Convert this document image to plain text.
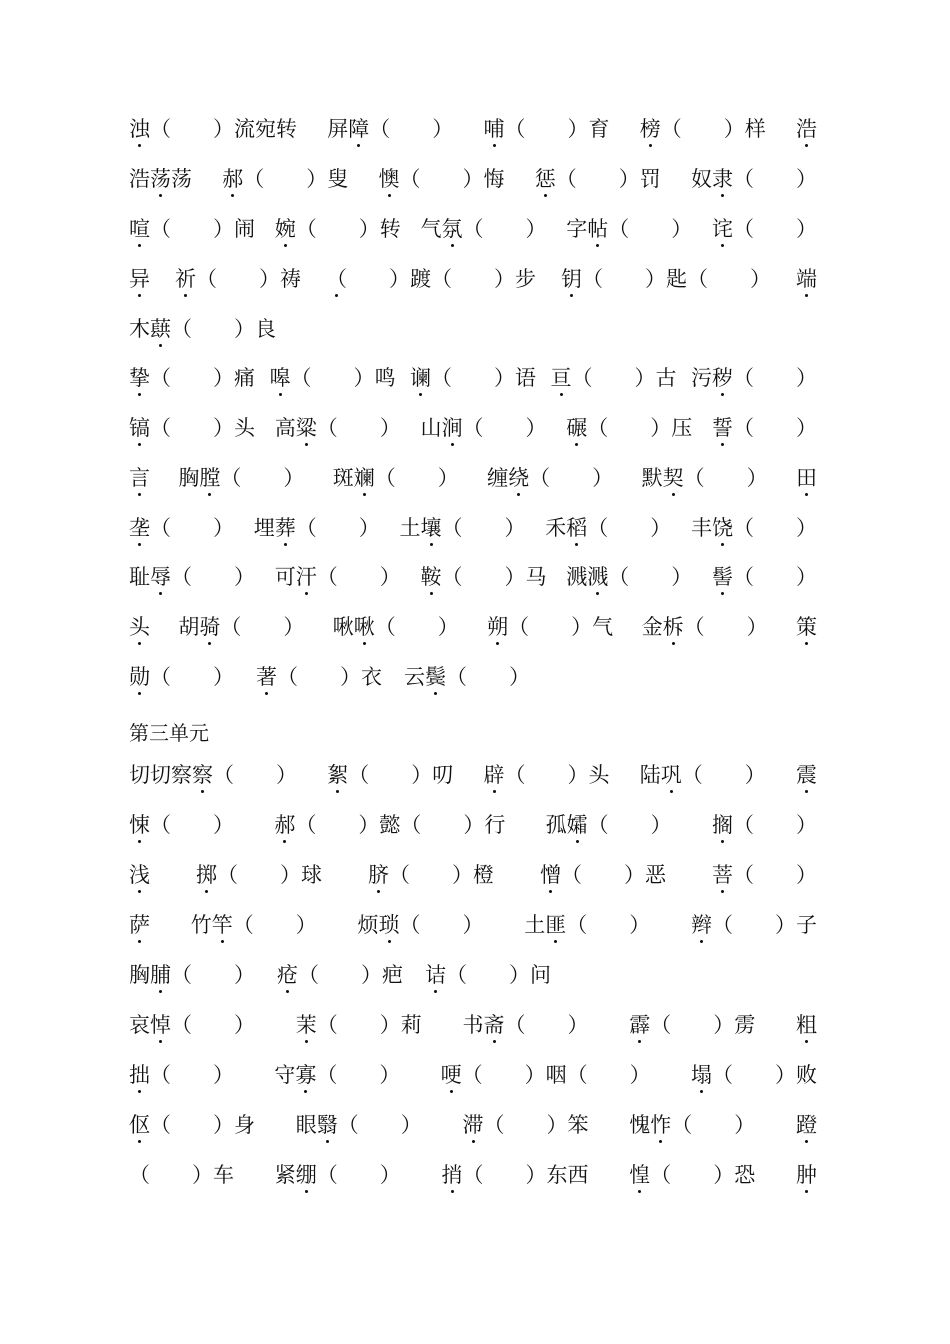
浊（　　 ）流宛转 屏障（　　 ） 哺（　　 ）育 榜（　　 ）样 浩
浩荡荡 郝（　　 ）叟 懊（　　 ）悔 惩（　　 ）罚 奴隶（　　 ）
喧（　　 ）闹 婉（　　 ）转 气氛（　　 ） 字帖（　　 ） 诧（　　 ）
异 祈（　　 ）祷 （　　 ）踱（　　 ）步 钥（　　 ）匙（　　 ） 端
木蕻（　　 ）良
挚（　　 ）痛 嗥（　　 ）鸣 谰（　　 ）语 亘（　　 ）古 污秽（　　 ）
镐（　　 ）头 高粱（　　 ） 山涧（　　 ） 碾（　　 ）压 誓（　　 ）
言 胸膛（　　 ） 斑斓（　　 ） 缠绕（　　 ） 默契（　　 ） 田
垄（　　 ） 埋葬（　　 ） 土壤（　　 ） 禾稻（　　 ） 丰饶（　　 ）
耻辱（　　 ） 可汗（　　 ） 鞍（　　 ）马 溅溅（　　 ） 髻（　　 ）
头 胡骑（　　 ） 啾啾（　　 ） 朔（　　 ）气 金柝（　　 ） 策
勋（　　 ） 著（　　 ）衣 云鬓（　　 ）
切切察察（　　 ） 絮（　　 ）叨 辟（　　 ）头 陆巩（　　 ） 震
悚（　　 ） 郝（　　 ）懿（　　 ）行 孤孀（　　 ） 搁（　　 ）
浅 掷（　　 ）球 脐（　　 ）橙 憎（　　 ）恶 菩（　　 ）
萨 竹竿（　　 ） 烦琐（　　 ） 土匪（　　 ） 辫（　　 ）子
胸脯（　　 ） 疮（　　 ）疤 诘（　　 ）问
哀悼（　　 ） 茉（　　 ）莉 书斋（　　 ） 霹（　　 ）雳 粗
拙（　　 ） 守寡（　　 ） 哽（　　 ）咽（　　 ） 塌（　　 ）败
伛（　　 ）身 眼翳（　　 ） 滞（　　 ）笨 愧怍（　　 ） 蹬
（　　 ）车 紧绷（　　 ） 捎（　　 ）东西 惶（　　 ）恐 肿
第三单元
